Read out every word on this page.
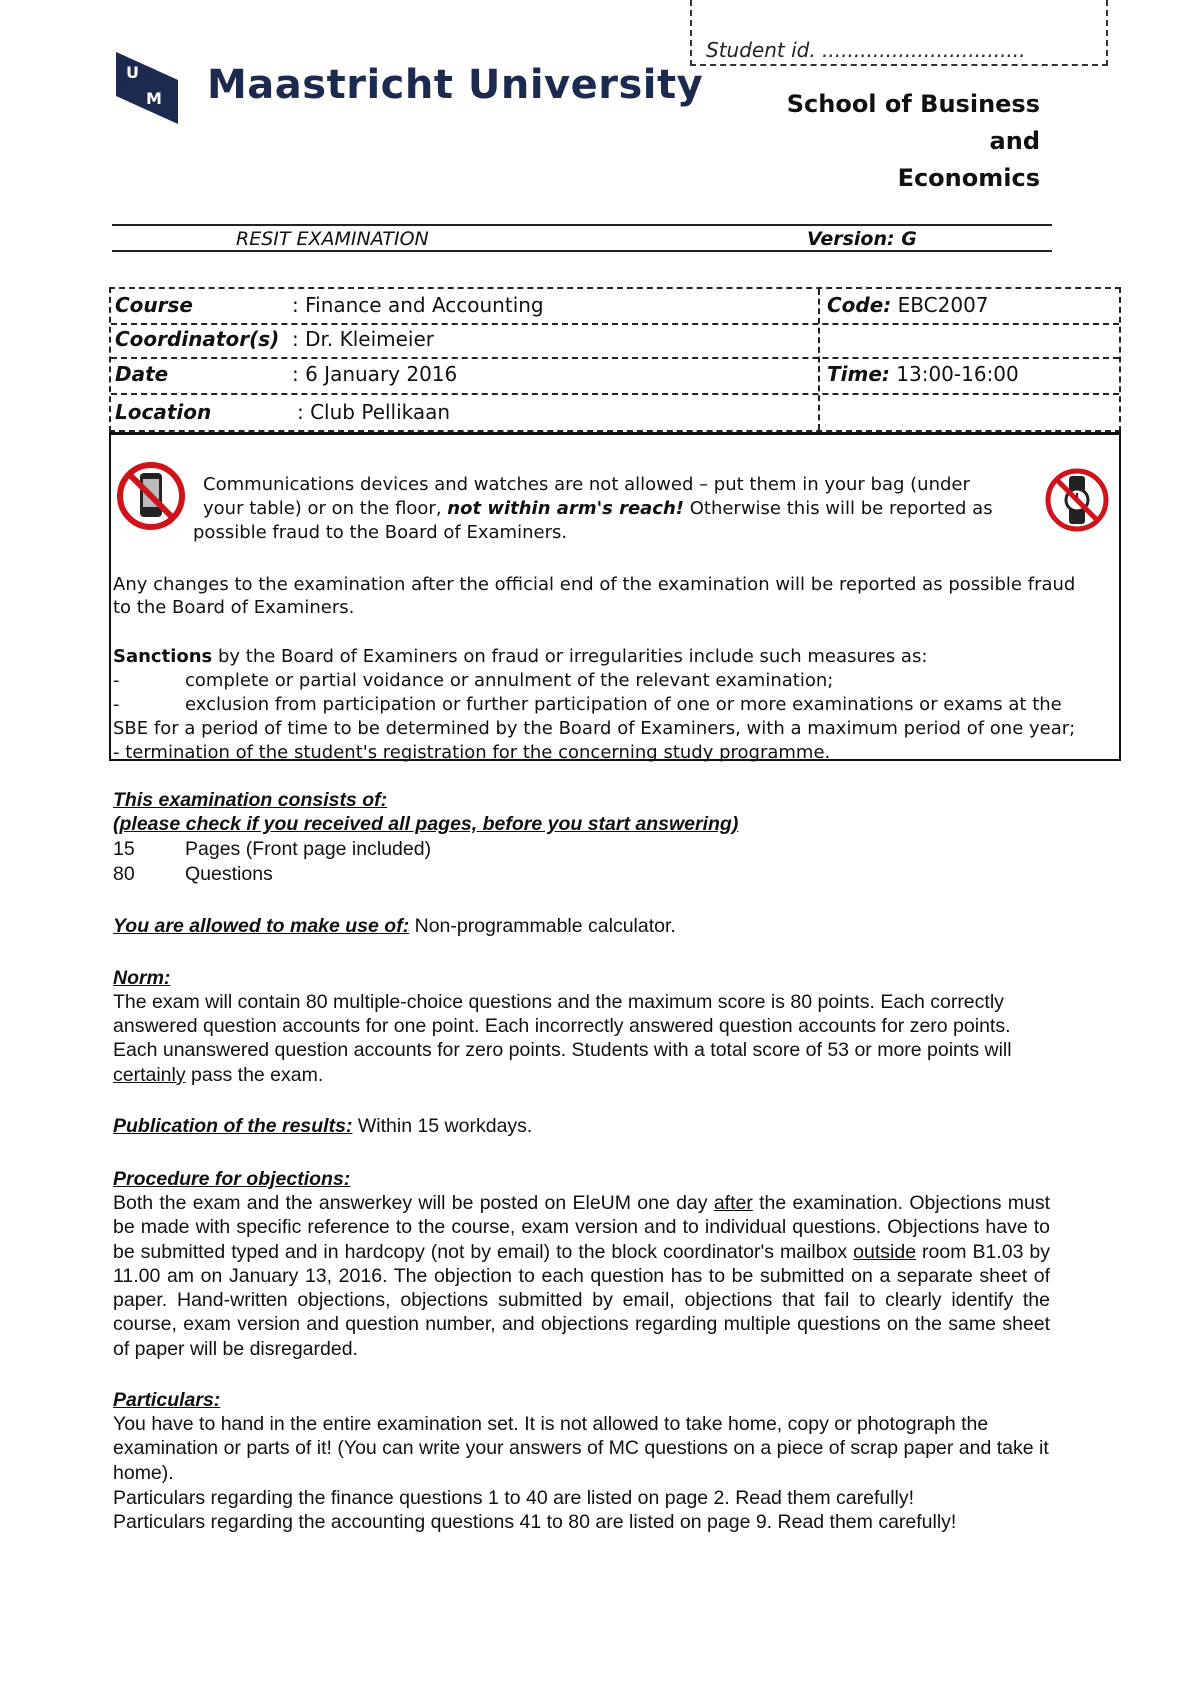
Student id. ................................
U
M Maastricht University	School of Business and
Economics
RESIT EXAMINATION	Version: G
Course	: Finance and Accounting	Code: EBC2007
Coordinator(s) : Dr. Kleimeier
Date	: 6 January 2016	Time: 13:00-16:00
Location	: Club Pellikaan
Communications devices and watches are not allowed – put them in your bag (under
your table) or on the floor, not within arm's reach! Otherwise this will be reported as
possible fraud to the Board of Examiners.
Any changes to the examination after the official end of the examination will be reported as possible fraud
to the Board of Examiners.
Sanctions by the Board of Examiners on fraud or irregularities include such measures as:
-	complete or partial voidance or annulment of the relevant examination;
-	exclusion from participation or further participation of one or more examinations or exams at the
SBE for a period of time to be determined by the Board of Examiners, with a maximum period of one year;
- termination of the student's registration for the concerning study programme.
This examination consists of:
(please check if you received all pages, before you start answering)
15	Pages (Front page included)
80	Questions
You are allowed to make use of: Non-programmable calculator.
Norm:
The exam will contain 80 multiple-choice questions and the maximum score is 80 points. Each correctly
answered question accounts for one point. Each incorrectly answered question accounts for zero points.
Each unanswered question accounts for zero points. Students with a total score of 53 or more points will
certainly pass the exam.
Publication of the results: Within 15 workdays.
Procedure for objections:
Both the exam and the answerkey will be posted on EleUM one day after the examination. Objections must be made with specific reference to the course, exam version and to individual questions. Objections have to be submitted typed and in hardcopy (not by email) to the block coordinator's mailbox outside room B1.03 by 11.00 am on January 13, 2016. The objection to each question has to be submitted on a separate sheet of paper. Hand-written objections, objections submitted by email, objections that fail to clearly identify the course, exam version and question number, and objections regarding multiple questions on the same sheet of paper will be disregarded.
Particulars:
You have to hand in the entire examination set. It is not allowed to take home, copy or photograph the examination or parts of it! (You can write your answers of MC questions on a piece of scrap paper and take it home).
Particulars regarding the finance questions 1 to 40 are listed on page 2. Read them carefully!
Particulars regarding the accounting questions 41 to 80 are listed on page 9. Read them carefully!
